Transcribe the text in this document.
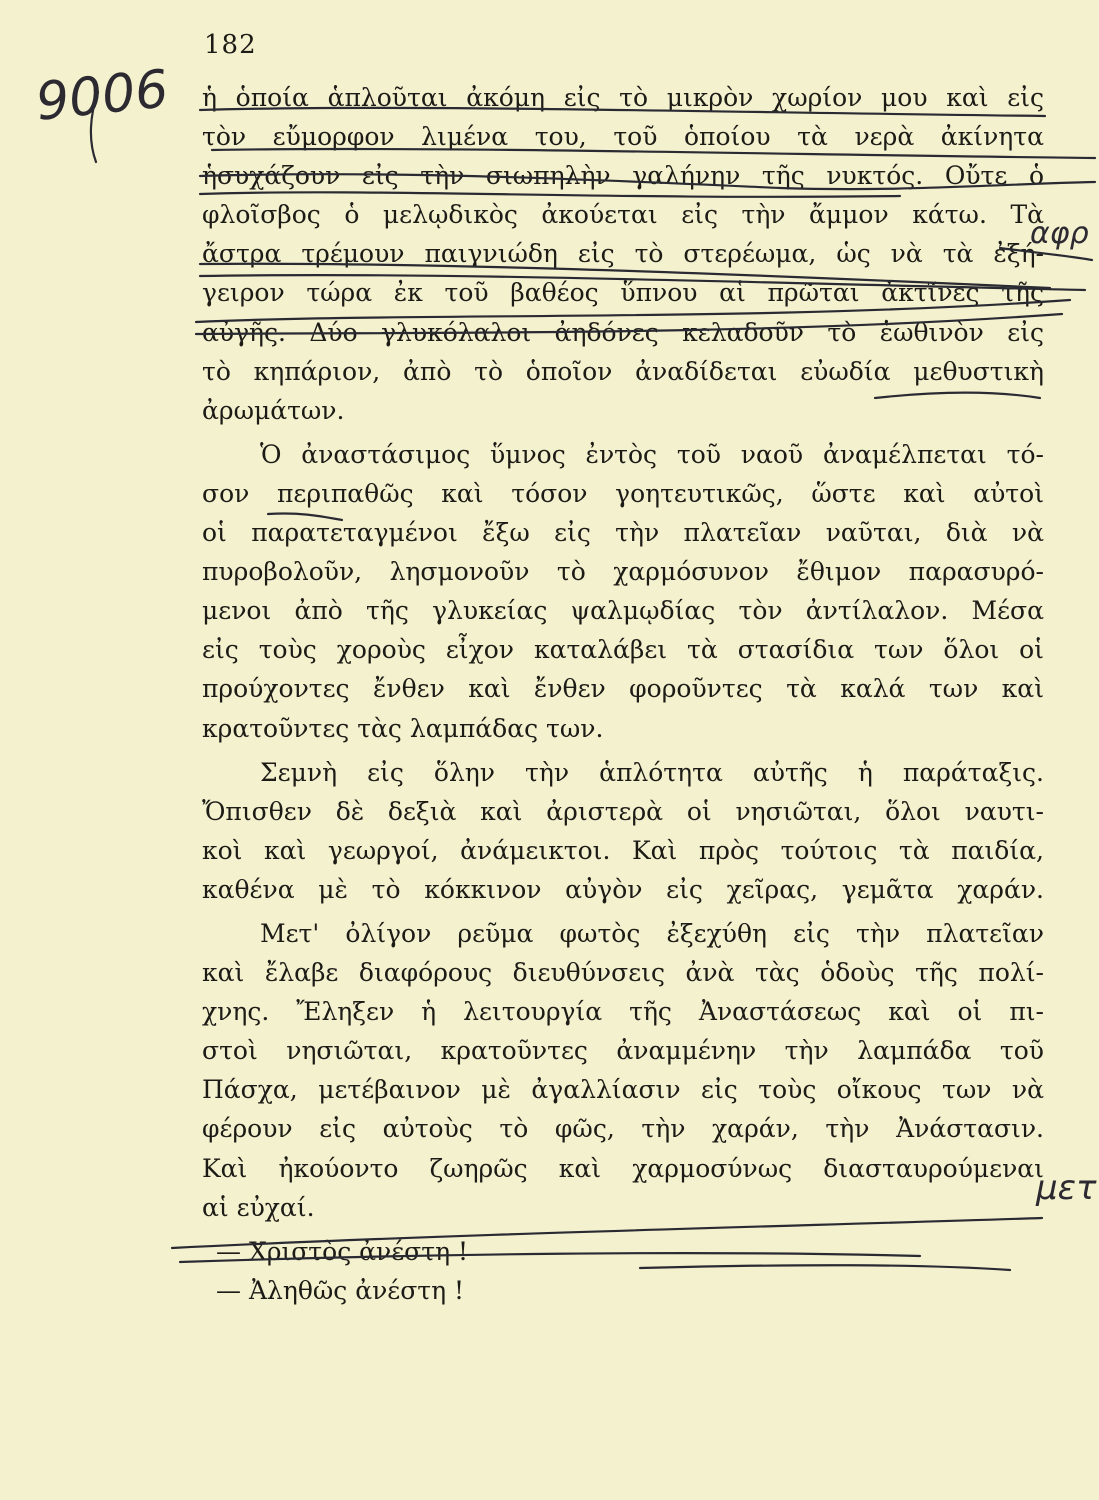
182
ἡ ὁποία ἁπλοῦται ἀκόμη εἰς τὸ μικρὸν χωρίον μου καὶ εἰς
τὸν εὔμορφον λιμένα του, τοῦ ὁποίου τὰ νερὰ ἀκίνητα
ἡσυχάζουν εἰς τὴν σιωπηλὴν γαλήνην τῆς νυκτός. Οὔτε ὁ
φλοῖσβος ὁ μελῳδικὸς ἀκούεται εἰς τὴν ἄμμον κάτω. Τὰ
ἄστρα τρέμουν παιγνιώδη εἰς τὸ στερέωμα, ὡς νὰ τὰ ἐξή-
γειρον τώρα ἐκ τοῦ βαθέος ὕπνου αἱ πρῶται ἀκτῖνες τῆς
αὐγῆς. Δύο γλυκόλαλοι ἀηδόνες κελαδοῦν τὸ ἑωθινὸν εἰς
τὸ κηπάριον, ἀπὸ τὸ ὁποῖον ἀναδίδεται εὐωδία μεθυστικὴ
ἀρωμάτων.
Ὁ ἀναστάσιμος ὕμνος ἐντὸς τοῦ ναοῦ ἀναμέλπεται τό-
σον περιπαθῶς καὶ τόσον γοητευτικῶς, ὥστε καὶ αὐτοὶ
οἱ παρατεταγμένοι ἔξω εἰς τὴν πλατεῖαν ναῦται, διὰ νὰ
πυροβολοῦν, λησμονοῦν τὸ χαρμόσυνον ἔθιμον παρασυρό-
μενοι ἀπὸ τῆς γλυκείας ψαλμῳδίας τὸν ἀντίλαλον. Μέσα
εἰς τοὺς χοροὺς εἶχον καταλάβει τὰ στασίδια των ὅλοι οἱ
προύχοντες ἔνθεν καὶ ἔνθεν φοροῦντες τὰ καλά των καὶ
κρατοῦντες τὰς λαμπάδας των.
Σεμνὴ εἰς ὅλην τὴν ἁπλότητα αὐτῆς ἡ παράταξις.
Ὄπισθεν δὲ δεξιὰ καὶ ἀριστερὰ οἱ νησιῶται, ὅλοι ναυτι-
κοὶ καὶ γεωργοί, ἀνάμεικτοι. Καὶ πρὸς τούτοις τὰ παιδία,
καθένα μὲ τὸ κόκκινον αὐγὸν εἰς χεῖρας, γεμᾶτα χαράν.
Μετ' ὀλίγον ρεῦμα φωτὸς ἐξεχύθη εἰς τὴν πλατεῖαν
καὶ ἔλαβε διαφόρους διευθύνσεις ἀνὰ τὰς ὁδοὺς τῆς πολί-
χνης. Ἔληξεν ἡ λειτουργία τῆς Ἀναστάσεως καὶ οἱ πι-
στοὶ νησιῶται, κρατοῦντες ἀναμμένην τὴν λαμπάδα τοῦ
Πάσχα, μετέβαινον μὲ ἀγαλλίασιν εἰς τοὺς οἴκους των νὰ
φέρουν εἰς αὐτοὺς τὸ φῶς, τὴν χαράν, τὴν Ἀνάστασιν.
Καὶ ἠκούοντο ζωηρῶς καὶ χαρμοσύνως διασταυρούμεναι
αἱ εὐχαί.
— Χριστὸς ἀνέστη !
— Ἀληθῶς ἀνέστη !
9006
αφρ
μετ
